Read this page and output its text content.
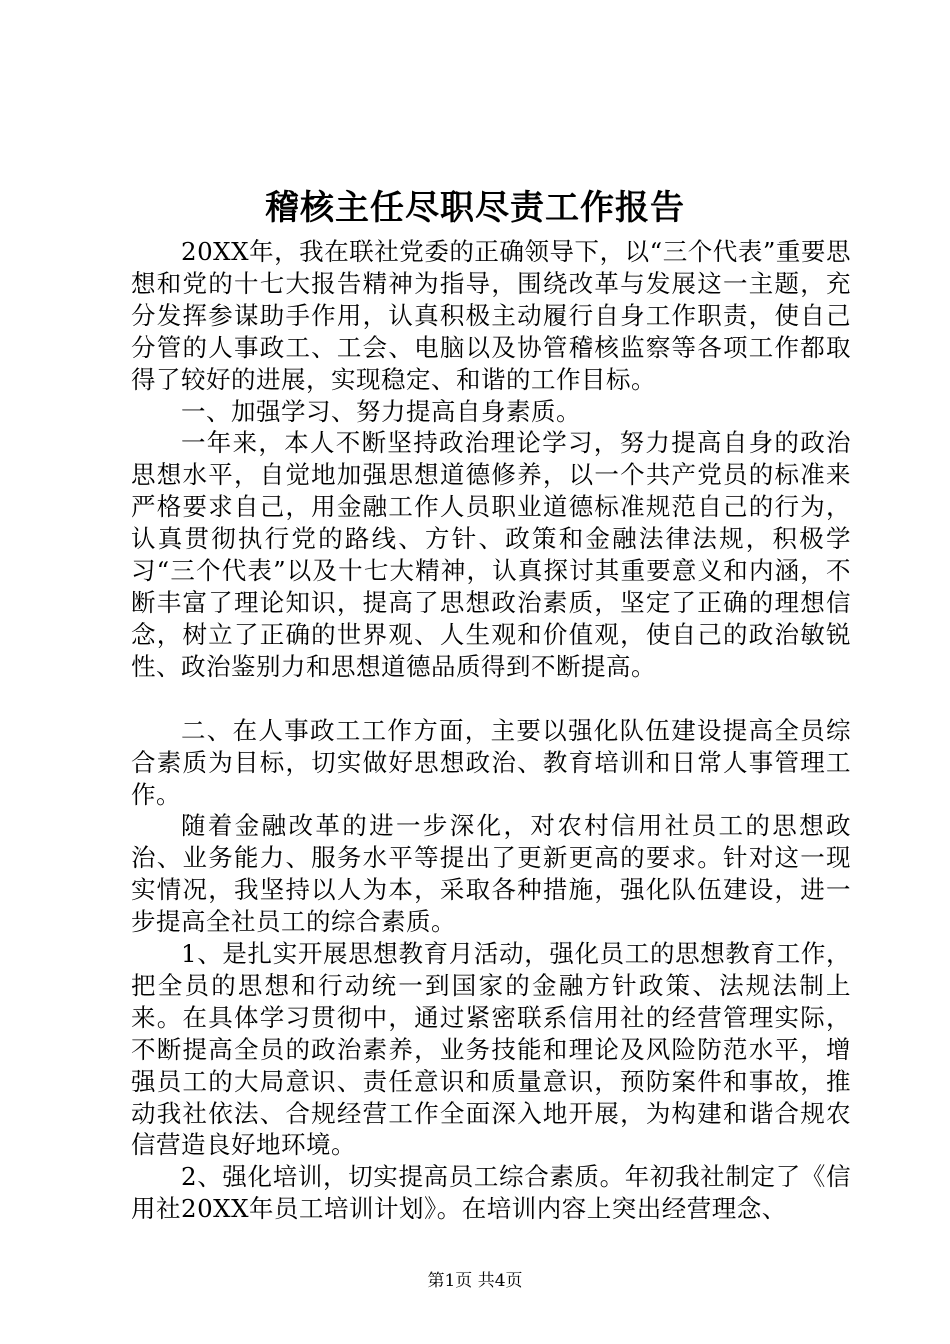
稽核主任尽职尽责工作报告

20XX年，我在联社党委的正确领导下，以“三个代表”重要思想和党的十七大报告精神为指导，围绕改革与发展这一主题，充分发挥参谋助手作用，认真积极主动履行自身工作职责，使自己分管的人事政工、工会、电脑以及协管稽核监察等各项工作都取得了较好的进展，实现稳定、和谐的工作目标。

一、加强学习、努力提高自身素质。

一年来，本人不断坚持政治理论学习，努力提高自身的政治思想水平，自觉地加强思想道德修养，以一个共产党员的标准来严格要求自己，用金融工作人员职业道德标准规范自己的行为，认真贯彻执行党的路线、方针、政策和金融法律法规，积极学习“三个代表”以及十七大精神，认真探讨其重要意义和内涵，不断丰富了理论知识，提高了思想政治素质，坚定了正确的理想信念，树立了正确的世界观、人生观和价值观，使自己的政治敏锐性、政治鉴别力和思想道德品质得到不断提高。

二、在人事政工工作方面，主要以强化队伍建设提高全员综合素质为目标，切实做好思想政治、教育培训和日常人事管理工作。

随着金融改革的进一步深化，对农村信用社员工的思想政治、业务能力、服务水平等提出了更新更高的要求。针对这一现实情况，我坚持以人为本，采取各种措施，强化队伍建设，进一步提高全社员工的综合素质。

1、是扎实开展思想教育月活动，强化员工的思想教育工作，把全员的思想和行动统一到国家的金融方针政策、法规法制上来。在具体学习贯彻中，通过紧密联系信用社的经营管理实际，不断提高全员的政治素养，业务技能和理论及风险防范水平，增强员工的大局意识、责任意识和质量意识，预防案件和事故，推动我社依法、合规经营工作全面深入地开展，为构建和谐合规农信营造良好地环境。

2、强化培训，切实提高员工综合素质。年初我社制定了《信用社20XX年员工培训计划》。在培训内容上突出经营理念、

第1页 共4页
